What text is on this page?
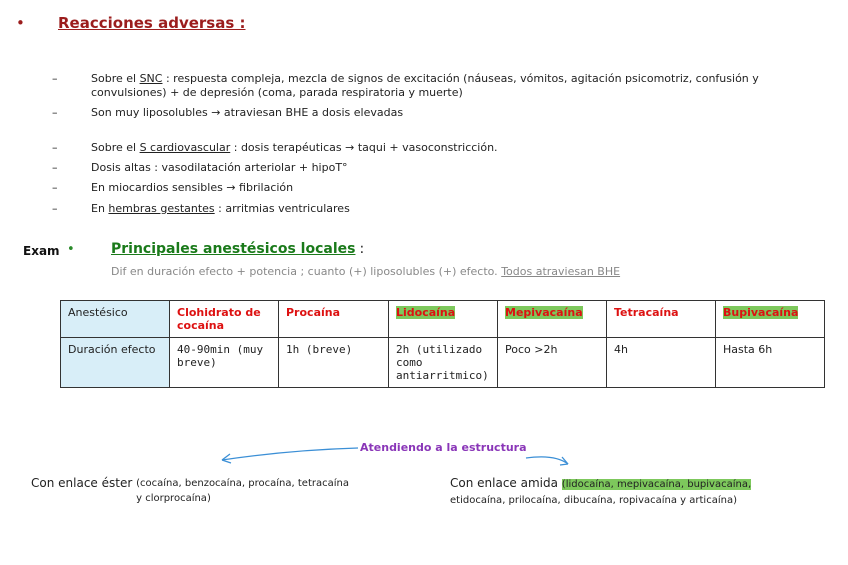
• Reacciones adversas :
–	Sobre el SNC : respuesta compleja, mezcla de signos de excitación (náuseas, vómitos, agitación psicomotriz, confusión y convulsiones) + de depresión (coma, parada respiratoria y muerte)
–	Son muy liposolubles → atraviesan BHE a dosis elevadas
–	Sobre el S cardiovascular : dosis terapéuticas → taqui + vasoconstricción.
–	Dosis altas : vasodilatación arteriolar + hipoT°
–	En miocardios sensibles → fibrilación
–	En hembras gestantes : arritmias ventriculares
Exam •	Principales anestésicos locales :
Dif en duración efecto + potencia ; cuanto (+) liposolubles (+) efecto. Todos atraviesan BHE
Anestésico	Clohidrato de cocaína	Procaína	Lidocaína	Mepivacaína	Tetracaína	Bupivacaína
Duración efecto	40-90min (muy breve)	1h (breve)	2h (utilizado como antiarritmico)	Poco >2h	4h	Hasta 6h
Atendiendo a la estructura
Con enlace éster (cocaína, benzocaína, procaína, tetracaína y clorprocaína)
Con enlace amida (lidocaína, mepivacaína, bupivacaína,
etidocaína, prilocaína, dibucaína, ropivacaína y articaína)
